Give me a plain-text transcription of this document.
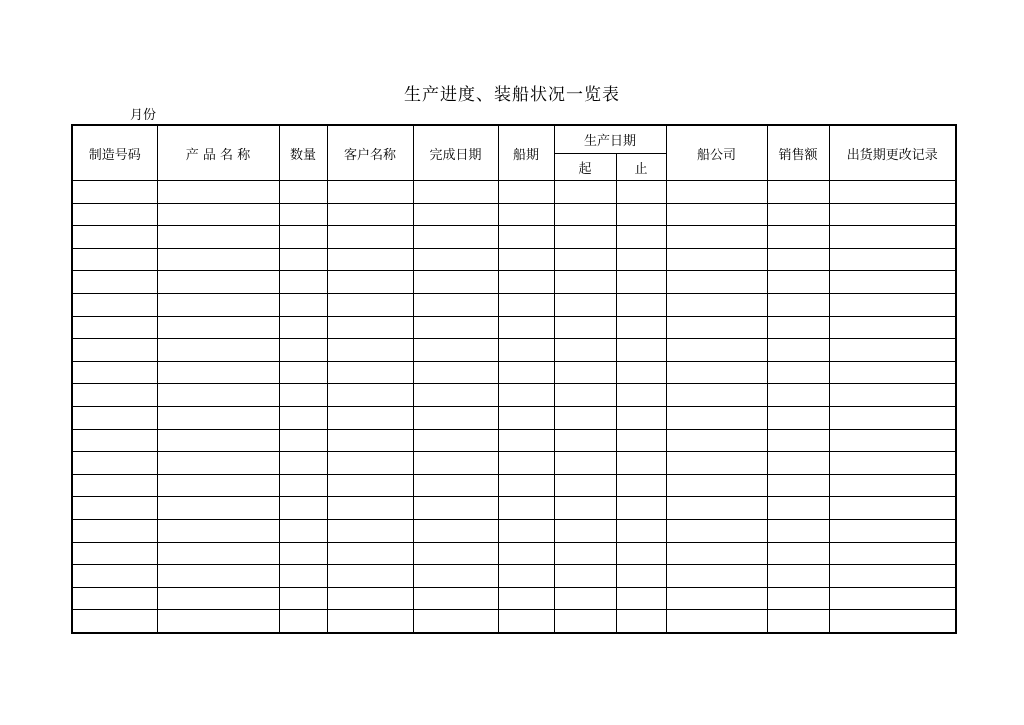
生产进度、装船状况一览表
月份
制造号码	产 品 名 称	数量	客户名称	完成日期	船期	生产日期		船公司	销售额	出货期更改记录
						起	止			
